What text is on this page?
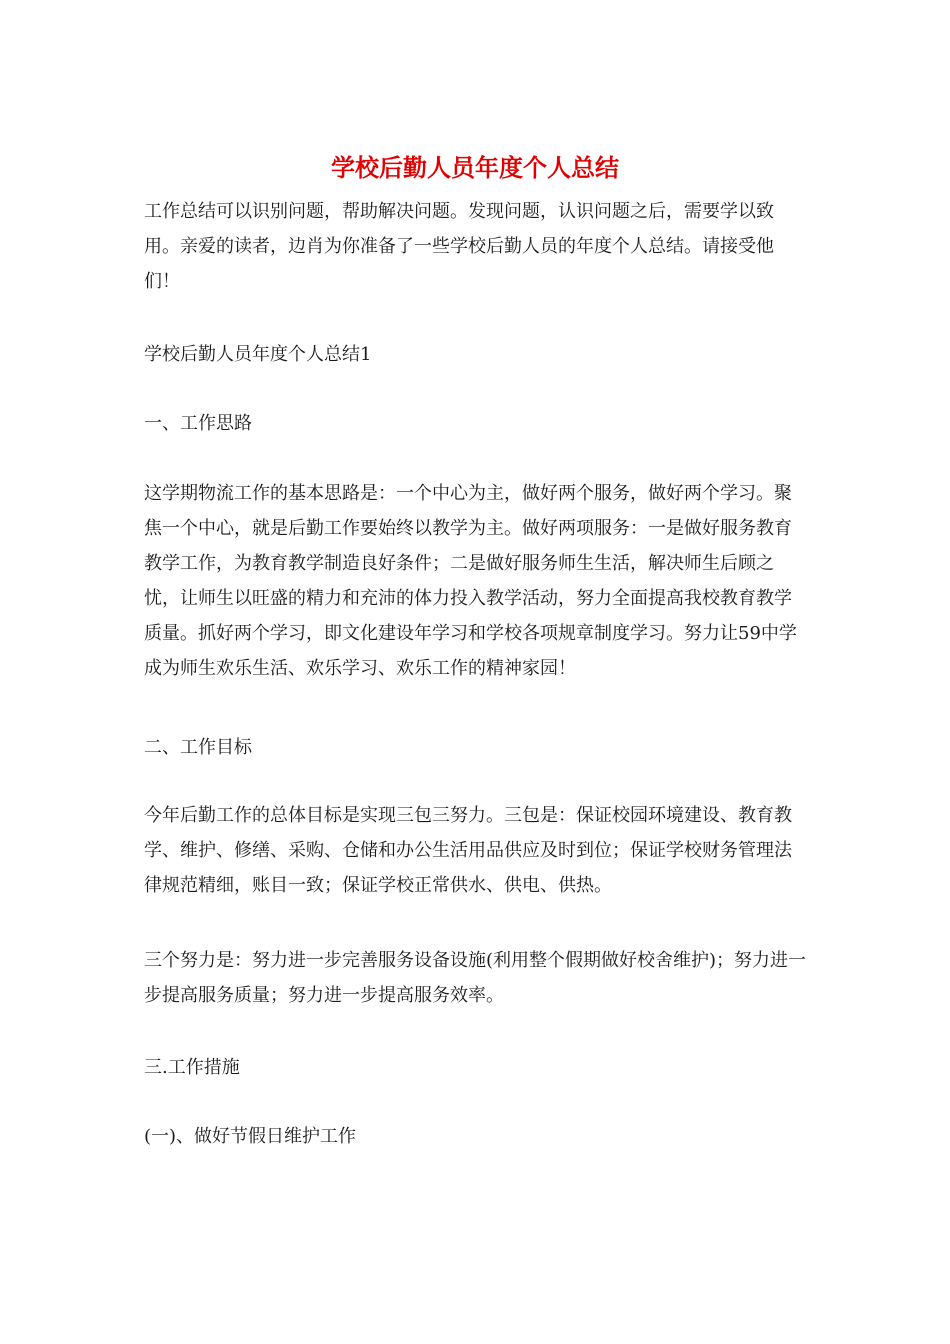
学校后勤人员年度个人总结

工作总结可以识别问题，帮助解决问题。发现问题，认识问题之后，需要学以致用。亲爱的读者，边肖为你准备了一些学校后勤人员的年度个人总结。请接受他们！

学校后勤人员年度个人总结1

一、工作思路

这学期物流工作的基本思路是：一个中心为主，做好两个服务，做好两个学习。聚焦一个中心，就是后勤工作要始终以教学为主。做好两项服务：一是做好服务教育教学工作，为教育教学制造良好条件；二是做好服务师生生活，解决师生后顾之忧，让师生以旺盛的精力和充沛的体力投入教学活动，努力全面提高我校教育教学质量。抓好两个学习，即文化建设年学习和学校各项规章制度学习。努力让59中学成为师生欢乐生活、欢乐学习、欢乐工作的精神家园！

二、工作目标

今年后勤工作的总体目标是实现三包三努力。三包是：保证校园环境建设、教育教学、维护、修缮、采购、仓储和办公生活用品供应及时到位；保证学校财务管理法律规范精细，账目一致；保证学校正常供水、供电、供热。

三个努力是：努力进一步完善服务设备设施(利用整个假期做好校舍维护)；努力进一步提高服务质量；努力进一步提高服务效率。

三.工作措施

(一)、做好节假日维护工作
